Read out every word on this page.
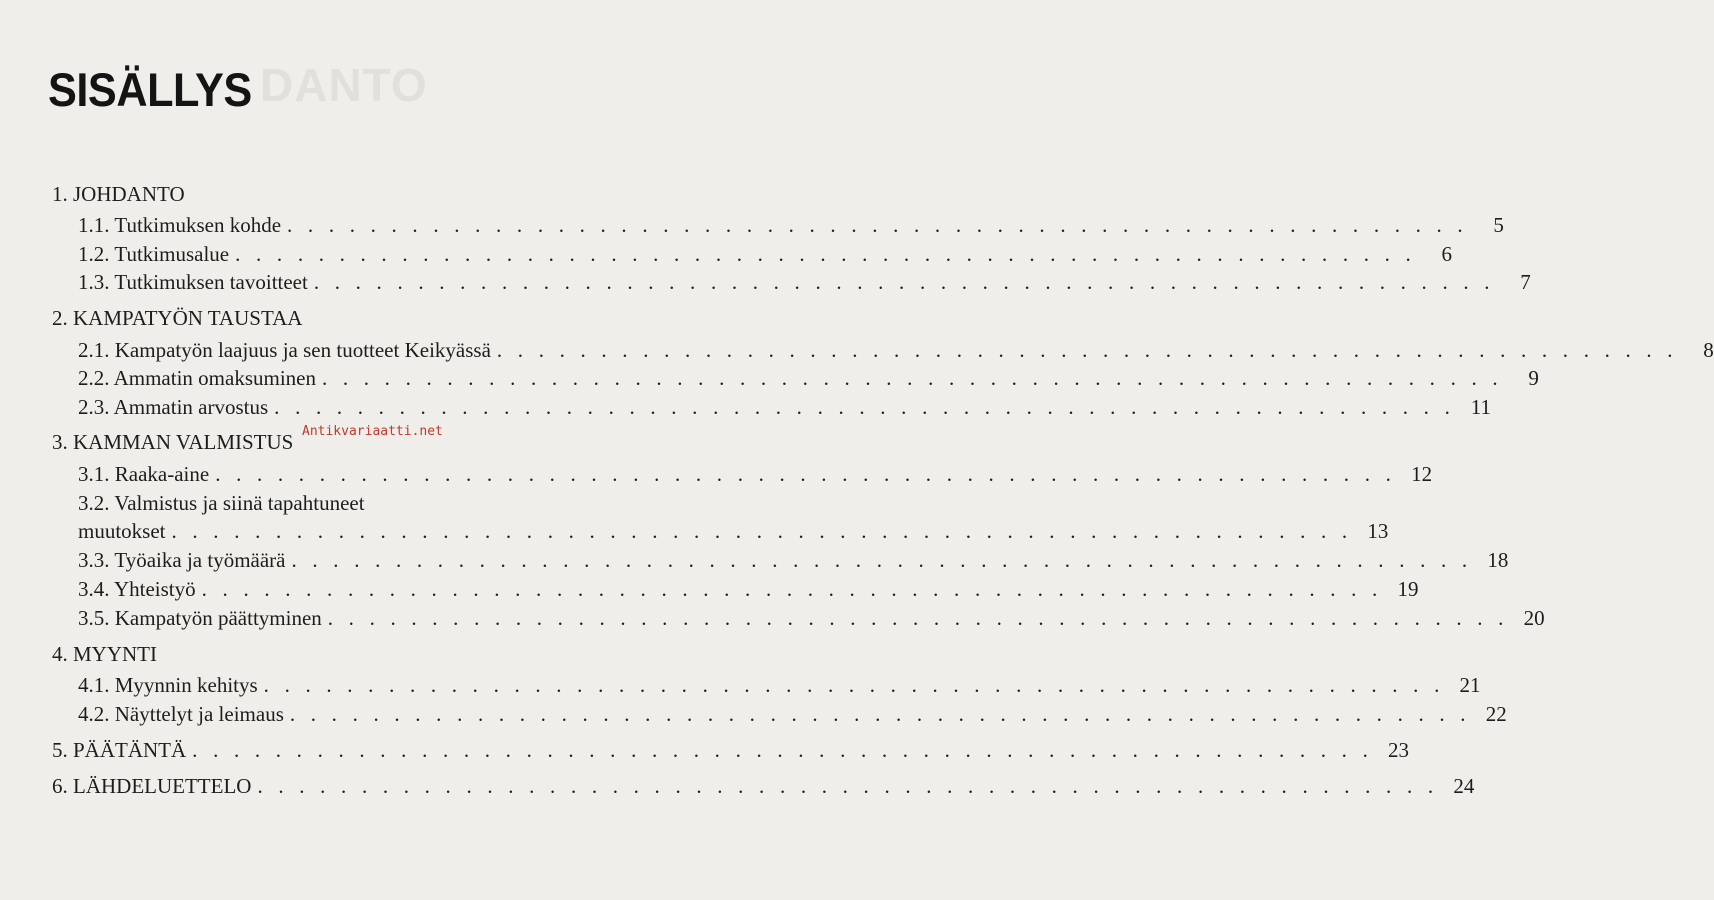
DANTO
SISÄLLYS
1. JOHDANTO
1.1. Tutkimuksen kohde . . . . . . . . . . . . . . . . . . . . . . . . . . . . . . . . . . . . . . . . . . . . . . . . . . . . . . . . .	5
1.2. Tutkimusalue . . . . . . . . . . . . . . . . . . . . . . . . . . . . . . . . . . . . . . . . . . . . . . . . . . . . . . . . .	6
1.3. Tutkimuksen tavoitteet . . . . . . . . . . . . . . . . . . . . . . . . . . . . . . . . . . . . . . . . . . . . . . . . . . . . . . . . .	7
2. KAMPATYÖN TAUSTAA
2.1. Kampatyön laajuus ja sen tuotteet Keikyässä . . . . . . . . . . . . . . . . . . . . . . . . . . . . . . . . . . . . . . . . . . . . . . . . . . . . . . . . .	8
2.2. Ammatin omaksuminen . . . . . . . . . . . . . . . . . . . . . . . . . . . . . . . . . . . . . . . . . . . . . . . . . . . . . . . . .	9
2.3. Ammatin arvostus . . . . . . . . . . . . . . . . . . . . . . . . . . . . . . . . . . . . . . . . . . . . . . . . . . . . . . . . . 11
3. KAMMAN VALMISTUS
3.1. Raaka-aine . . . . . . . . . . . . . . . . . . . . . . . . . . . . . . . . . . . . . . . . . . . . . . . . . . . . . . . . . 12
3.2. Valmistus ja siinä tapahtuneet
muutokset . . . . . . . . . . . . . . . . . . . . . . . . . . . . . . . . . . . . . . . . . . . . . . . . . . . . . . . . . 13
3.3. Työaika ja työmäärä . . . . . . . . . . . . . . . . . . . . . . . . . . . . . . . . . . . . . . . . . . . . . . . . . . . . . . . . . 18
3.4. Yhteistyö . . . . . . . . . . . . . . . . . . . . . . . . . . . . . . . . . . . . . . . . . . . . . . . . . . . . . . . . . 19
3.5. Kampatyön päättyminen . . . . . . . . . . . . . . . . . . . . . . . . . . . . . . . . . . . . . . . . . . . . . . . . . . . . . . . . . 20
4. MYYNTI
4.1. Myynnin kehitys . . . . . . . . . . . . . . . . . . . . . . . . . . . . . . . . . . . . . . . . . . . . . . . . . . . . . . . . . 21
4.2. Näyttelyt ja leimaus . . . . . . . . . . . . . . . . . . . . . . . . . . . . . . . . . . . . . . . . . . . . . . . . . . . . . . . . . 22
5. PÄÄTÄNTÄ . . . . . . . . . . . . . . . . . . . . . . . . . . . . . . . . . . . . . . . . . . . . . . . . . . . . . . . . . 23
6. LÄHDELUETTELO . . . . . . . . . . . . . . . . . . . . . . . . . . . . . . . . . . . . . . . . . . . . . . . . . . . . . . . . . 24
Antikvariaatti.net
